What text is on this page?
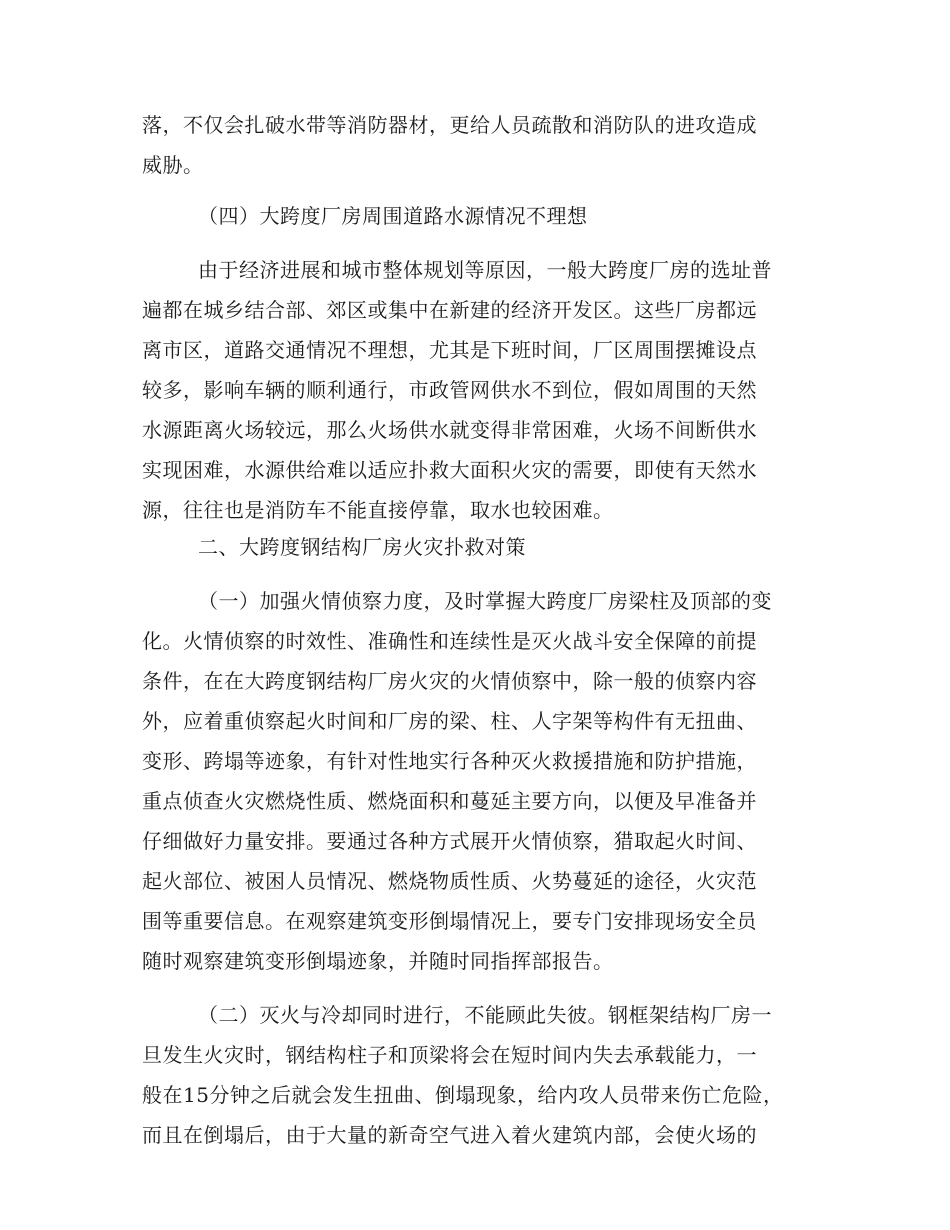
落，不仅会扎破水带等消防器材，更给人员疏散和消防队的进攻造成
威胁。
（四）大跨度厂房周围道路水源情况不理想
由于经济进展和城市整体规划等原因，一般大跨度厂房的选址普
遍都在城乡结合部、郊区或集中在新建的经济开发区。这些厂房都远
离市区，道路交通情况不理想，尤其是下班时间，厂区周围摆摊设点
较多，影响车辆的顺利通行，市政管网供水不到位，假如周围的天然
水源距离火场较远，那么火场供水就变得非常困难，火场不间断供水
实现困难，水源供给难以适应扑救大面积火灾的需要，即使有天然水
源，往往也是消防车不能直接停靠，取水也较困难。
二、大跨度钢结构厂房火灾扑救对策
（一）加强火情侦察力度，及时掌握大跨度厂房梁柱及顶部的变
化。火情侦察的时效性、准确性和连续性是灭火战斗安全保障的前提
条件，在在大跨度钢结构厂房火灾的火情侦察中，除一般的侦察内容
外，应着重侦察起火时间和厂房的梁、柱、人字架等构件有无扭曲、
变形、跨塌等迹象，有针对性地实行各种灭火救援措施和防护措施，
重点侦查火灾燃烧性质、燃烧面积和蔓延主要方向，以便及早准备并
仔细做好力量安排。要通过各种方式展开火情侦察，猎取起火时间、
起火部位、被困人员情况、燃烧物质性质、火势蔓延的途径，火灾范
围等重要信息。在观察建筑变形倒塌情况上，要专门安排现场安全员
随时观察建筑变形倒塌迹象，并随时同指挥部报告。
（二）灭火与冷却同时进行，不能顾此失彼。钢框架结构厂房一
旦发生火灾时，钢结构柱子和顶梁将会在短时间内失去承载能力，一
般在15分钟之后就会发生扭曲、倒塌现象，给内攻人员带来伤亡危险，
而且在倒塌后，由于大量的新奇空气进入着火建筑内部，会使火场的
